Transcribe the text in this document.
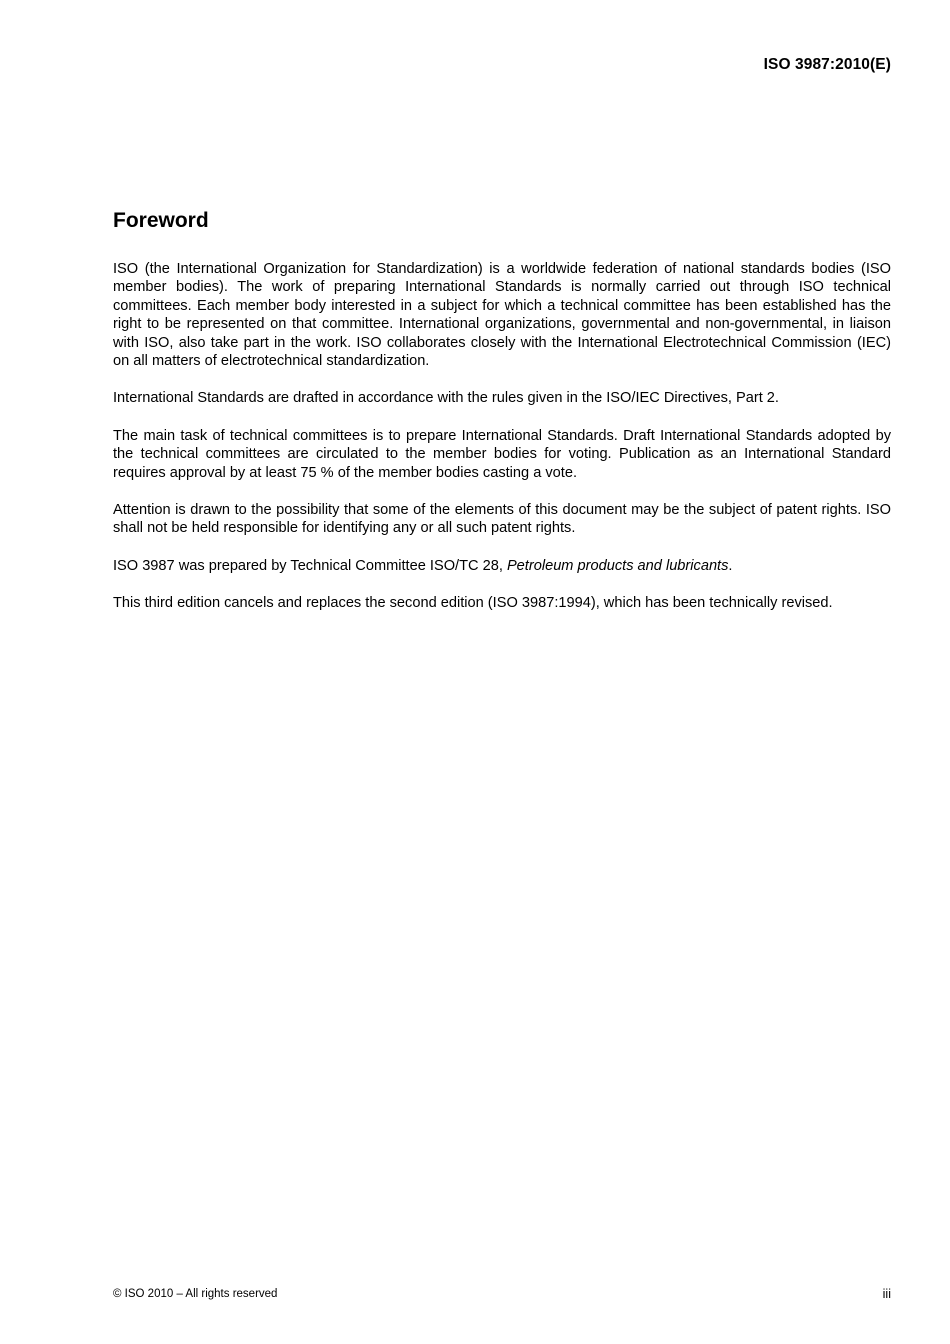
ISO 3987:2010(E)
Foreword

ISO (the International Organization for Standardization) is a worldwide federation of national standards bodies (ISO member bodies). The work of preparing International Standards is normally carried out through ISO technical committees. Each member body interested in a subject for which a technical committee has been established has the right to be represented on that committee. International organizations, governmental and non-governmental, in liaison with ISO, also take part in the work. ISO collaborates closely with the International Electrotechnical Commission (IEC) on all matters of electrotechnical standardization.

International Standards are drafted in accordance with the rules given in the ISO/IEC Directives, Part 2.

The main task of technical committees is to prepare International Standards. Draft International Standards adopted by the technical committees are circulated to the member bodies for voting. Publication as an International Standard requires approval by at least 75 % of the member bodies casting a vote.

Attention is drawn to the possibility that some of the elements of this document may be the subject of patent rights. ISO shall not be held responsible for identifying any or all such patent rights.

ISO 3987 was prepared by Technical Committee ISO/TC 28, Petroleum products and lubricants.

This third edition cancels and replaces the second edition (ISO 3987:1994), which has been technically revised.

© ISO 2010 – All rights reserved	iii
